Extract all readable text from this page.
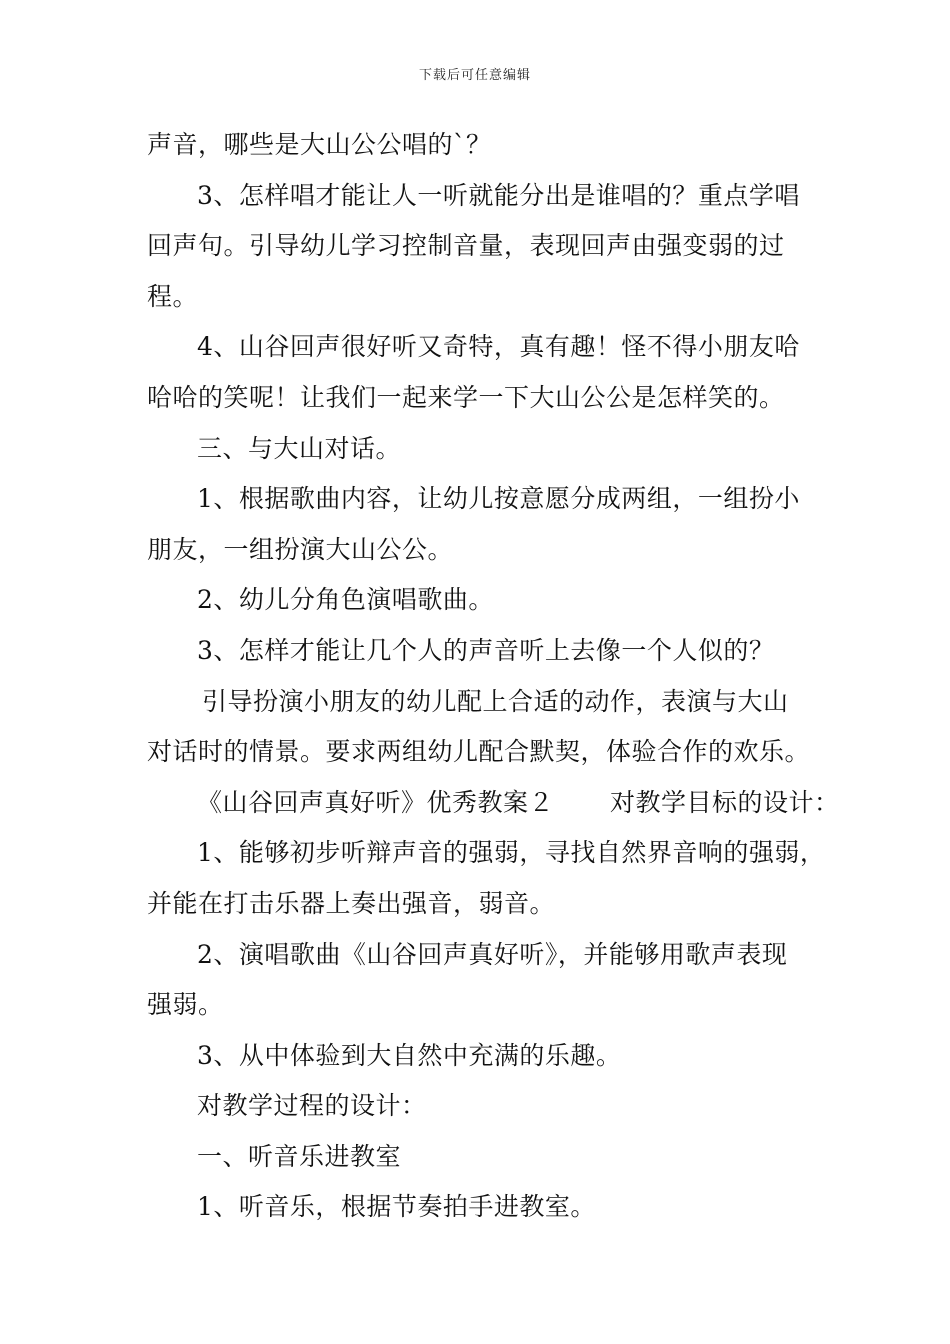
下载后可任意编辑
声音，哪些是大山公公唱的`？
3、怎样唱才能让人一听就能分出是谁唱的？重点学唱
回声句。引导幼儿学习控制音量，表现回声由强变弱的过
程。
4、山谷回声很好听又奇特，真有趣！怪不得小朋友哈
哈哈的笑呢！让我们一起来学一下大山公公是怎样笑的。
三、与大山对话。
1、根据歌曲内容，让幼儿按意愿分成两组，一组扮小
朋友，一组扮演大山公公。
2、幼儿分角色演唱歌曲。
3、怎样才能让几个人的声音听上去像一个人似的？
引导扮演小朋友的幼儿配上合适的动作，表演与大山
对话时的情景。要求两组幼儿配合默契，体验合作的欢乐。
《山谷回声真好听》优秀教案２ 对教学目标的设计：
1、能够初步听辩声音的强弱，寻找自然界音响的强弱，
并能在打击乐器上奏出强音，弱音。
2、演唱歌曲《山谷回声真好听》，并能够用歌声表现
强弱。
3、从中体验到大自然中充满的乐趣。
对教学过程的设计：
一、听音乐进教室
1、听音乐，根据节奏拍手进教室。
